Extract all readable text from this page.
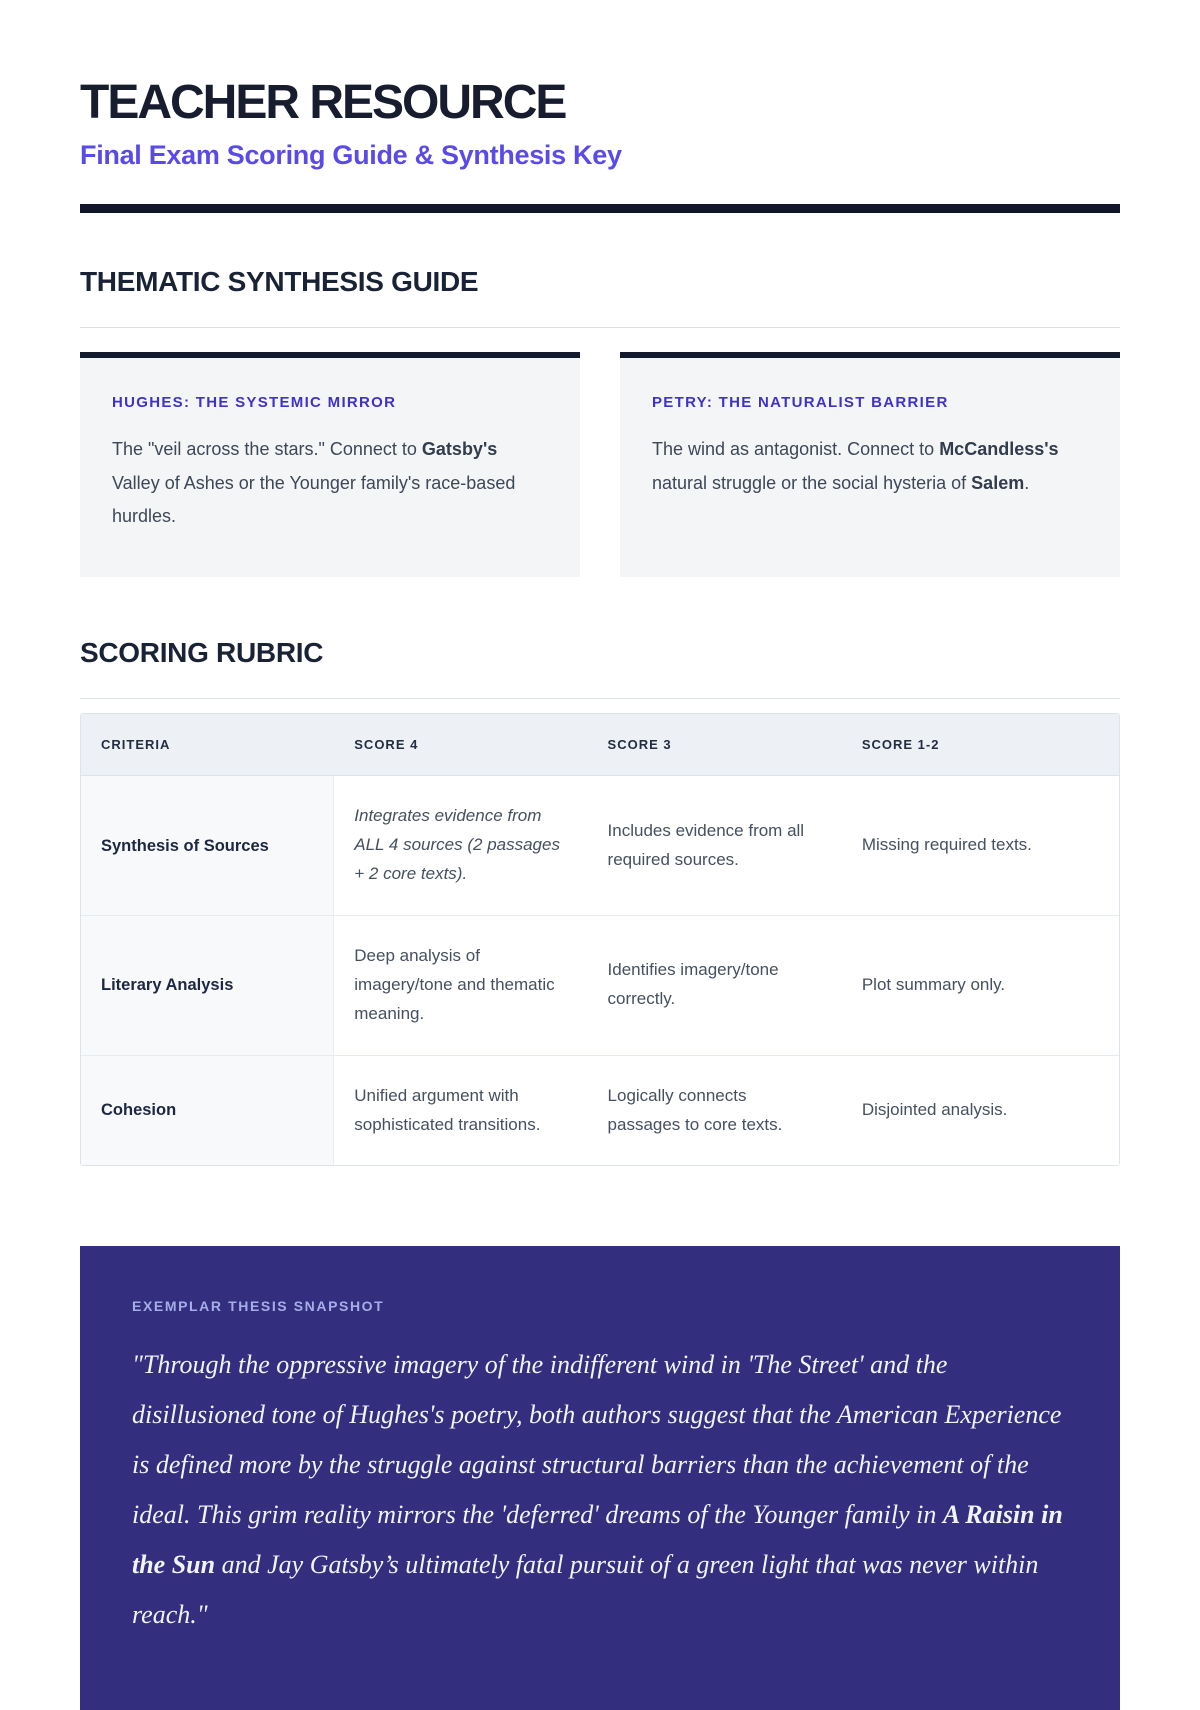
TEACHER RESOURCE
Final Exam Scoring Guide & Synthesis Key
THEMATIC SYNTHESIS GUIDE
HUGHES: THE SYSTEMIC MIRROR

The "veil across the stars." Connect to Gatsby's Valley of Ashes or the Younger family's race-based hurdles.

PETRY: THE NATURALIST BARRIER

The wind as antagonist. Connect to McCandless's natural struggle or the social hysteria of Salem.

SCORING RUBRIC
CRITERIA	SCORE 4	SCORE 3	SCORE 1-2
Synthesis of Sources	Integrates evidence from ALL 4 sources (2 passages + 2 core texts).	Includes evidence from all required sources.	Missing required texts.
Literary Analysis	Deep analysis of imagery/tone and thematic meaning.	Identifies imagery/tone correctly.	Plot summary only.
Cohesion	Unified argument with sophisticated transitions.	Logically connects passages to core texts.	Disjointed analysis.
EXEMPLAR THESIS SNAPSHOT

"Through the oppressive imagery of the indifferent wind in 'The Street' and the disillusioned tone of Hughes's poetry, both authors suggest that the American Experience is defined more by the struggle against structural barriers than the achievement of the ideal. This grim reality mirrors the 'deferred' dreams of the Younger family in A Raisin in the Sun and Jay Gatsby’s ultimately fatal pursuit of a green light that was never within reach."
